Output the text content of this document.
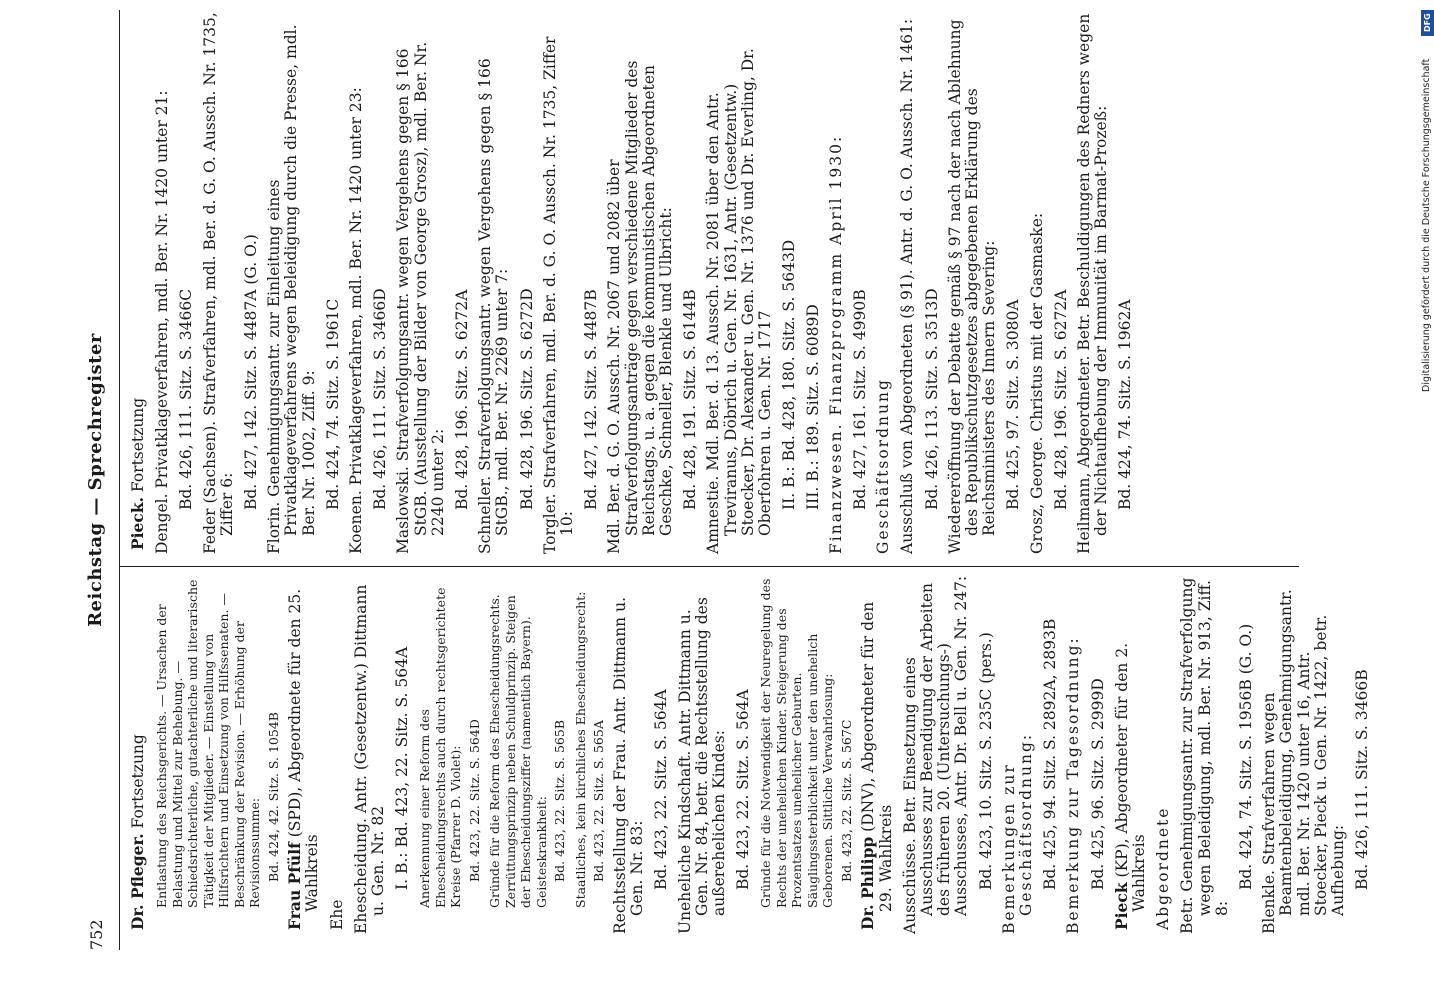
752
Reichstag — Sprechregister
Dr. Pfleger. Fortsetzung Entlastung des Reichsgerichts. — Ursachen der Belastung und Mittel zur Behebung. — Schiedsrichterliche, gutachterliche und literarische Tätigkeit der Mitglieder. — Einstellung von Hilfsrichtern und Einsetzung von Hilfssenaten. — Beschränkung der Revision. — Erhöhung der Revisionssumme: Bd. 424, 42. Sitz. S. 1054B
Frau Pfülf (SPD), Abgeordnete für den 25. Wahlkreis
Ehe Ehescheidung. Antr. (Gesetzentw.) Dittmann u. Gen. Nr. 82 I. B.: Bd. 423, 22. Sitz. S. 564A Anerkennung einer Reform des Ehescheidungsrechts auch durch rechtsgerichtete Kreise (Pfarrer D. Violet): Bd. 423, 22. Sitz. S. 564D Gründe für die Reform des Ehescheidungsrechts. Zerrüttungsprinzip neben Schuldprinzip. Steigen der Ehescheidungsziffer (namentlich Bayern). Geisteskrankheit: Bd. 423, 22. Sitz. S. 565B Staatliches, kein kirchliches Ehescheidungsrecht: Bd. 423, 22. Sitz. S. 565A Rechtsstellung der Frau. Antr. Dittmann u. Gen. Nr. 83: Bd. 423, 22. Sitz. S. 564A Uneheliche Kindschaft. Antr. Dittmann u. Gen. Nr. 84, betr. die Rechtsstellung des außerehelichen Kindes: Bd. 423, 22. Sitz. S. 564A Gründe für die Notwendigkeit der Neuregelung des Rechts der unehelichen Kinder. Steigerung des Prozentsatzes unehelicher Geburten. Säuglingssterblichkeit unter den unehelich Geborenen. Sittliche Verwahrlosung: Bd. 423, 22. Sitz. S. 567C
Dr. Philipp (DNV), Abgeordneter für den 29. Wahlkreis Ausschüsse. Betr. Einsetzung eines Ausschusses zur Beendigung der Arbeiten des früheren 20. (Untersuchungs-) Ausschusses, Antr. Dr. Bell u. Gen. Nr. 247: Bd. 423, 10. Sitz. S. 235C (pers.) Bemerkungen zur Geschäftsordnung: Bd. 425, 94. Sitz. S. 2892A, 2893B Bemerkung zur Tagesordnung: Bd. 425, 96. Sitz. S. 2999D
Pieck (KP), Abgeordneter für den 2. Wahlkreis Abgeordnete Betr. Genehmigungsantr. zur Strafverfolgung wegen Beleidigung, mdl. Ber. Nr. 913, Ziff. 8:
Bd. 424, 74. Sitz. S. 1956B (G. O.) Blenkle. Strafverfahren wegen Beamtenbeleidigung, Genehmigungsantr. mdl. Ber. Nr. 1420 unter 16, Antr. Stoecker, Pieck u. Gen. Nr. 1422, betr. Aufhebung: Bd. 426, 111. Sitz. S. 3466B
Pieck. Fortsetzung Dengel. Privatklageverfahren, mdl. Ber. Nr. 1420 unter 21: Bd. 426, 111. Sitz. S. 3466C Feder (Sachsen). Strafverfahren, mdl. Ber. d. G. O. Aussch. Nr. 1735, Ziffer 6: Bd. 427, 142. Sitz. S. 4487A (G. O.) Florin. Genehmigungsantr. zur Einleitung eines Privatklageverfahrens wegen Beleidigung durch die Presse, mdl. Ber. Nr. 1002, Ziff. 9: Bd. 424, 74. Sitz. S. 1961C Koenen. Privatklageverfahren, mdl. Ber. Nr. 1420 unter 23: Bd. 426, 111. Sitz. S. 3466D Maslowski. Strafverfolgungsantr. wegen Vergehens gegen § 166 StGB. (Ausstellung der Bilder von George Grosz), mdl. Ber. Nr. 2240 unter 2: Bd. 428, 196. Sitz. S. 6272A Schneller. Strafverfolgungsantr. wegen Vergehens gegen § 166 StGB., mdl. Ber. Nr. 2269 unter 7: Bd. 428, 196. Sitz. S. 6272D Torgler. Strafverfahren, mdl. Ber. d. G. O. Aussch. Nr. 1735, Ziffer 10:
Bd. 427, 142. Sitz. S. 4487B Mdl. Ber. d. G. O. Aussch. Nr. 2067 und 2082 über Strafverfolgungsanträge gegen verschiedene Mitglieder des Reichstags, u. a. gegen die kommunistischen Abgeordneten Geschke, Schneller, Blenkle und Ulbricht: Bd. 428, 191. Sitz. S. 6144B Amnestie. Mdl. Ber. d. 13. Aussch. Nr. 2081 über den Antr. Treviranus, Döbrich u. Gen. Nr. 1631, Antr. (Gesetzentw.) Stoecker, Dr. Alexander u. Gen. Nr. 1376 und Dr. Everling, Dr. Oberfohren u. Gen. Nr. 1717 II. B.: Bd. 428, 180. Sitz. S. 5643D III. B.: 189. Sitz. S. 6089D Finanzwesen. Finanzprogramm April 1930: Bd. 427, 161. Sitz. S. 4990B Geschäftsordnung Ausschluß von Abgeordneten (§ 91). Antr. d. G. O. Aussch. Nr. 1461: Bd. 426, 113. Sitz. S. 3513D Wiedereröffnung der Debatte gemäß § 97 nach der nach Ablehnung des Republikschutzgesetzes abgegebenen Erklärung des Reichsministers des Innern Severing: Bd. 425, 97. Sitz. S. 3080A Grosz, George. Christus mit der Gasmaske: Bd. 428, 196. Sitz. S. 6272A Heilmann, Abgeordneter. Betr. Beschuldigungen des Redners wegen der Nichtaufhebung der Immunität im Barmat-Prozeß: Bd. 424, 74. Sitz. S. 1962A
DFG
Digitalisierung gefördert durch die Deutsche Forschungsgemeinschaft
